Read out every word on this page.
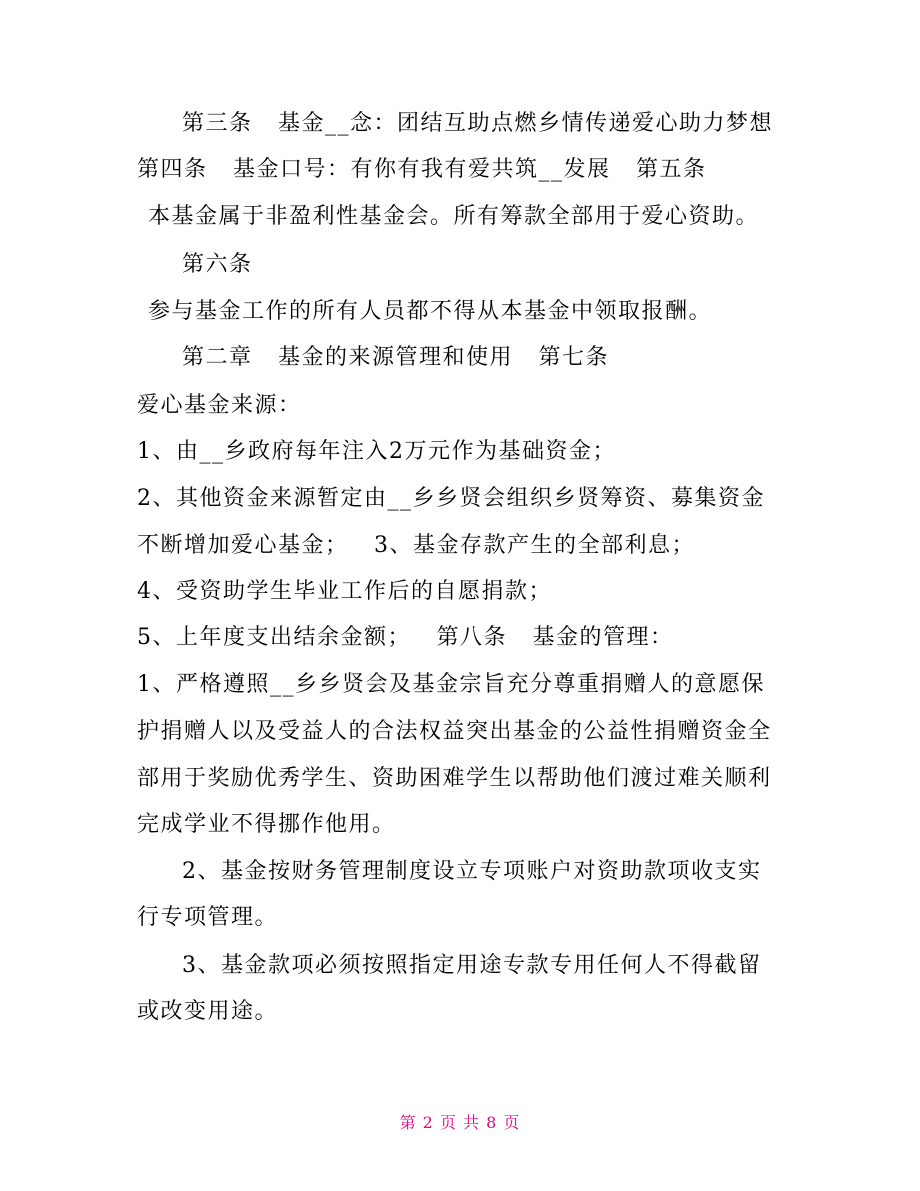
第三条   基金__念：团结互助点燃乡情传递爱心助力梦想
第四条   基金口号：有你有我有爱共筑__发展   第五条
本基金属于非盈利性基金会。所有筹款全部用于爱心资助。
第六条
参与基金工作的所有人员都不得从本基金中领取报酬。
第二章   基金的来源管理和使用   第七条
爱心基金来源：
1、由__乡政府每年注入2万元作为基础资金；
2、其他资金来源暂定由__乡乡贤会组织乡贤筹资、募集资金
不断增加爱心基金；   3、基金存款产生的全部利息；
4、受资助学生毕业工作后的自愿捐款；
5、上年度支出结余金额；   第八条   基金的管理：
1、严格遵照__乡乡贤会及基金宗旨充分尊重捐赠人的意愿保
护捐赠人以及受益人的合法权益突出基金的公益性捐赠资金全
部用于奖励优秀学生、资助困难学生以帮助他们渡过难关顺利
完成学业不得挪作他用。
2、基金按财务管理制度设立专项账户对资助款项收支实
行专项管理。
3、基金款项必须按照指定用途专款专用任何人不得截留
或改变用途。
第 2 页 共 8 页
